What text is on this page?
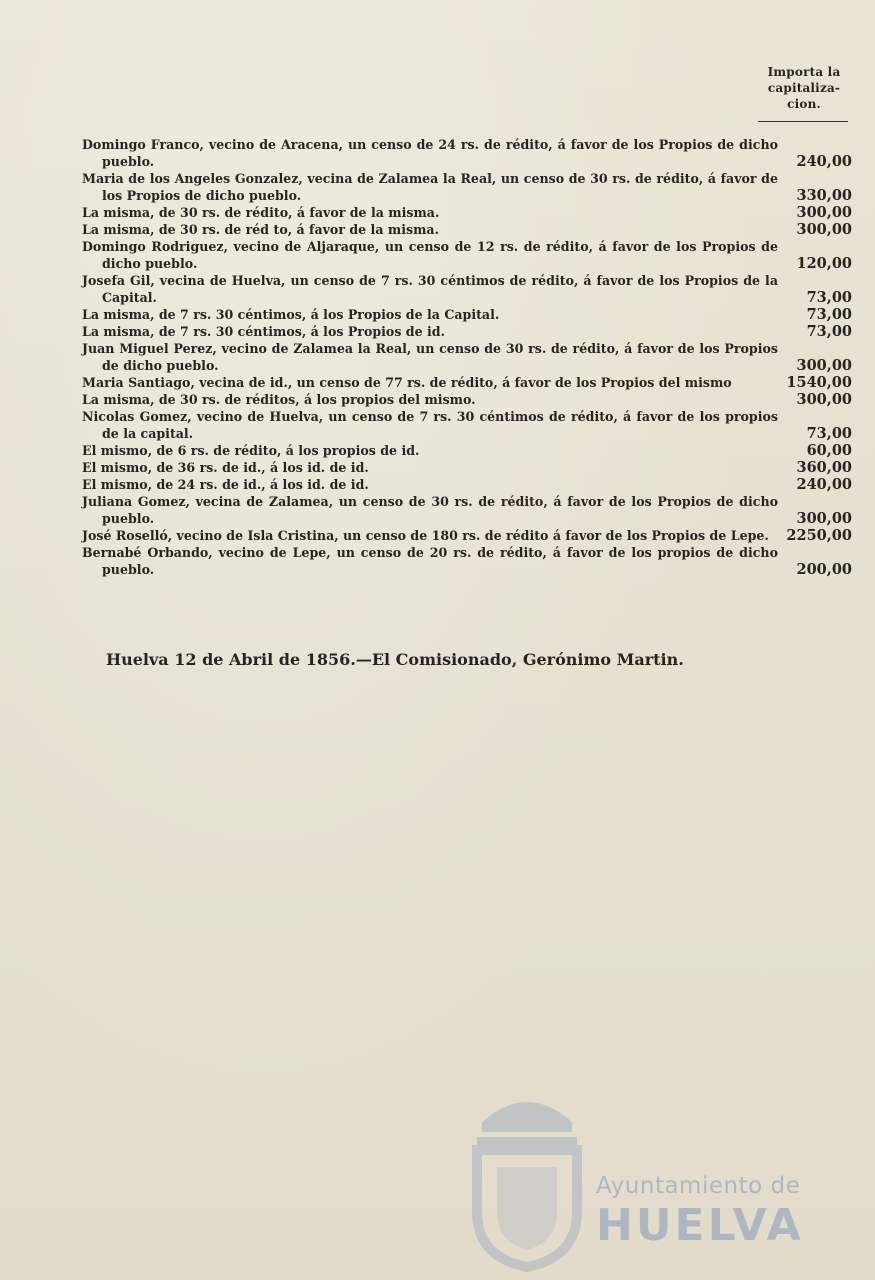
Importa la capitaliza-cion.
Domingo Franco, vecino de Aracena, un censo de 24 rs. de rédito, á favor de los Propios de dicho pueblo.	240,00
Maria de los Angeles Gonzalez, vecina de Zalamea la Real, un censo de 30 rs. de rédito, á favor de los Propios de dicho pueblo.	330,00
La misma, de 30 rs. de rédito, á favor de la misma.	300,00
La misma, de 30 rs. de réd to, á favor de la misma.	300,00
Domingo Rodriguez, vecino de Aljaraque, un censo de 12 rs. de rédito, á favor de los Propios de dicho pueblo.	120,00
Josefa Gil, vecina de Huelva, un censo de 7 rs. 30 céntimos de rédito, á favor de los Propios de la Capital.	73,00
La misma, de 7 rs. 30 céntimos, á los Propios de la Capital.	73,00
La misma, de 7 rs. 30 céntimos, á los Propios de id.	73,00
Juan Miguel Perez, vecino de Zalamea la Real, un censo de 30 rs. de rédito, á favor de los Propios de dicho pueblo.	300,00
Maria Santiago, vecina de id., un censo de 77 rs. de rédito, á favor de los Propios del mismo	1540,00
La misma, de 30 rs. de réditos, á los propios del mismo.	300,00
Nicolas Gomez, vecino de Huelva, un censo de 7 rs. 30 céntimos de rédito, á favor de los propios de la capital.	73,00
El mismo, de 6 rs. de rédito, á los propios de id.	60,00
El mismo, de 36 rs. de id., á los id. de id.	360,00
El mismo, de 24 rs. de id., á los id. de id.	240,00
Juliana Gomez, vecina de Zalamea, un censo de 30 rs. de rédito, á favor de los Propios de dicho pueblo.	300,00
José Roselló, vecino de Isla Cristina, un censo de 180 rs. de rédito á favor de los Propios de Lepe.	2250,00
Bernabé Orbando, vecino de Lepe, un censo de 20 rs. de rédito, á favor de los propios de dicho pueblo.	200,00
Huelva 12 de Abril de 1856.—El Comisionado, Gerónimo Martin.
Ayuntamiento de
HUELVA
